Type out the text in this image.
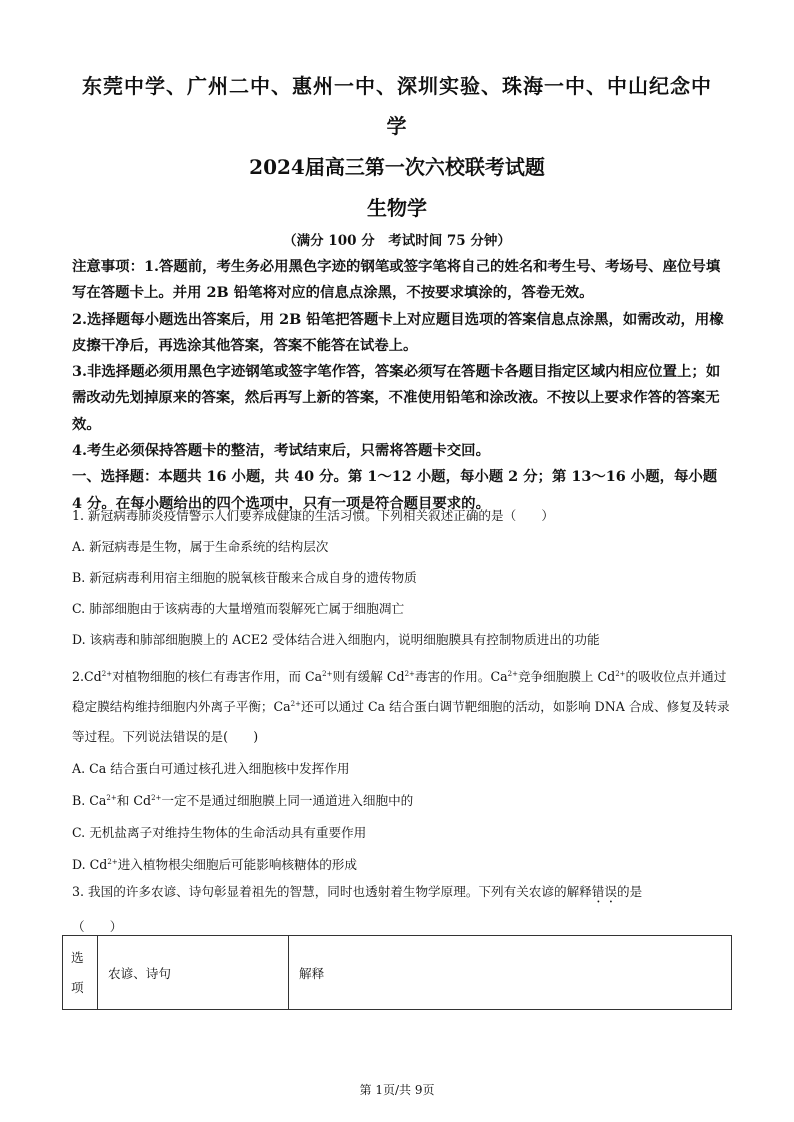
东莞中学、广州二中、惠州一中、深圳实验、珠海一中、中山纪念中
学
2024届高三第一次六校联考试题
生物学
（满分 100 分　考试时间 75 分钟）

注意事项：1.答题前，考生务必用黑色字迹的钢笔或签字笔将自己的姓名和考生号、考场号、座位号填写在答题卡上。并用 2B 铅笔将对应的信息点涂黑，不按要求填涂的，答卷无效。

2.选择题每小题选出答案后，用 2B 铅笔把答题卡上对应题目选项的答案信息点涂黑，如需改动，用橡皮擦干净后，再选涂其他答案，答案不能答在试卷上。

3.非选择题必须用黑色字迹钢笔或签字笔作答，答案必须写在答题卡各题目指定区域内相应位置上；如需改动先划掉原来的答案，然后再写上新的答案，不准使用铅笔和涂改液。不按以上要求作答的答案无效。

4.考生必须保持答题卡的整洁，考试结束后，只需将答题卡交回。

一、选择题：本题共 16 小题，共 40 分。第 1～12 小题，每小题 2 分；第 13～16 小题，每小题 4 分。在每小题给出的四个选项中，只有一项是符合题目要求的。

1. 新冠病毒肺炎疫情警示人们要养成健康的生活习惯。下列相关叙述正确的是（　　）

A. 新冠病毒是生物，属于生命系统的结构层次

B. 新冠病毒利用宿主细胞的脱氧核苷酸来合成自身的遗传物质

C. 肺部细胞由于该病毒的大量增殖而裂解死亡属于细胞凋亡

D. 该病毒和肺部细胞膜上的 ACE2 受体结合进入细胞内，说明细胞膜具有控制物质进出的功能

$2.Cd^{2+}$对植物细胞的核仁有毒害作用，而 $Ca^{2+}$则有缓解 $Cd^{2+}$毒害的作用。$Ca^{2+}$竞争细胞膜上 $Cd^{2+}$的吸收位点并通过稳定膜结构维持细胞内外离子平衡；$Ca^{2+}$还可以通过 Ca 结合蛋白调节靶细胞的活动，如影响 DNA 合成、修复及转录等过程。下列说法错误的是(　　)

A. Ca 结合蛋白可通过核孔进入细胞核中发挥作用

B. $Ca^{2+}$和 $Cd^{2+}$一定不是通过细胞膜上同一通道进入细胞中的

C. 无机盐离子对维持生物体的生命活动具有重要作用

D. $Cd^{2+}$进入植物根尖细胞后可能影响核糖体的形成

3. 我国的许多农谚、诗句彰显着祖先的智慧，同时也透射着生物学原理。下列有关农谚的解释错误的是

（　　）

选项	农谚、诗句	解释
第 1页/共 9页
